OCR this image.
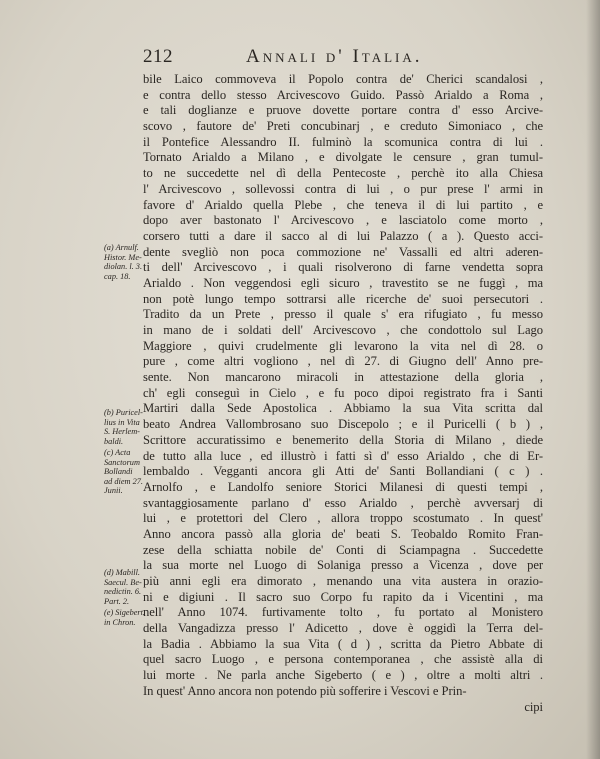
212	Annali d' Italia.
bile Laico commoveva il Popolo contra de' Cherici scandalosi ,
e contra dello stesso Arcivescovo Guido. Passò Arialdo a Roma ,
e tali doglianze e pruove dovette portare contra d' esso Arcive-
scovo , fautore de' Preti concubinarj , e creduto Simoniaco , che
il Pontefice Alessandro II. fulminò la scomunica contra di lui .
Tornato Arialdo a Milano , e divolgate le censure , gran tumul-
to ne succedette nel dì della Pentecoste , perchè ito alla Chiesa
l' Arcivescovo , sollevossi contra di lui , o pur prese l' armi in
favore d' Arialdo quella Plebe , che teneva il di lui partito , e
dopo aver bastonato l' Arcivescovo , e lasciatolo come morto ,
corsero tutti a dare il sacco al di lui Palazzo ( a ). Questo acci-
dente svegliò non poca commozione ne' Vassalli ed altri aderen-
ti dell' Arcivescovo , i quali risolverono di farne vendetta sopra
Arialdo . Non veggendosi egli sicuro , travestito se ne fuggì , ma
non potè lungo tempo sottrarsi alle ricerche de' suoi persecutori .
Tradito da un Prete , presso il quale s' era rifugiato , fu messo
in mano de i soldati dell' Arcivescovo , che condottolo sul Lago
Maggiore , quivi crudelmente gli levarono la vita nel dì 28. o
pure , come altri vogliono , nel dì 27. di Giugno dell' Anno pre-
sente. Non mancarono miracoli in attestazione della gloria ,
ch' egli conseguì in Cielo , e fu poco dipoi registrato fra i Santi
Martiri dalla Sede Apostolica . Abbiamo la sua Vita scritta dal
beato Andrea Vallombrosano suo Discepolo ; e il Puricelli ( b ) ,
Scrittore accuratissimo e benemerito della Storia di Milano , diede
de tutto alla luce , ed illustrò i fatti sì d' esso Arialdo , che di Er-
lembaldo . Vegganti ancora gli Atti de' Santi Bollandiani ( c ) .
Arnolfo , e Landolfo seniore Storici Milanesi di questi tempi ,
svantaggiosamente parlano d' esso Arialdo , perchè avversarj di
lui , e protettori del Clero , allora troppo scostumato . In quest'
Anno ancora passò alla gloria de' beati S. Teobaldo Romito Fran-
zese della schiatta nobile de' Conti di Sciampagna . Succedette
la sua morte nel Luogo di Solaniga presso a Vicenza , dove per
più anni egli era dimorato , menando una vita austera in orazio-
ni e digiuni . Il sacro suo Corpo fu rapito da i Vicentini , ma
nell' Anno 1074. furtivamente tolto , fu portato al Monistero
della Vangadizza presso l' Adicetto , dove è oggidì la Terra del-
la Badia . Abbiamo la sua Vita ( d ) , scritta da Pietro Abbate di
quel sacro Luogo , e persona contemporanea , che assistè alla di
lui morte . Ne parla anche Sigeberto ( e ) , oltre a molti altri .
In quest' Anno ancora non potendo più sofferire i Vescovi e Prin-
cipi
(a) Arnulf.
Histor. Me-
diolan. l. 3.
cap. 18.
(b) Puricel-
lius in Vita
S. Herlem-
baldi.
(c) Acta
Sanctorum
Bollandi
ad diem 27.
Junii.
(d) Mabill.
Saecul. Be-
nedictin. 6.
Part. 2.
(e) Sigebert.
in Chron.
